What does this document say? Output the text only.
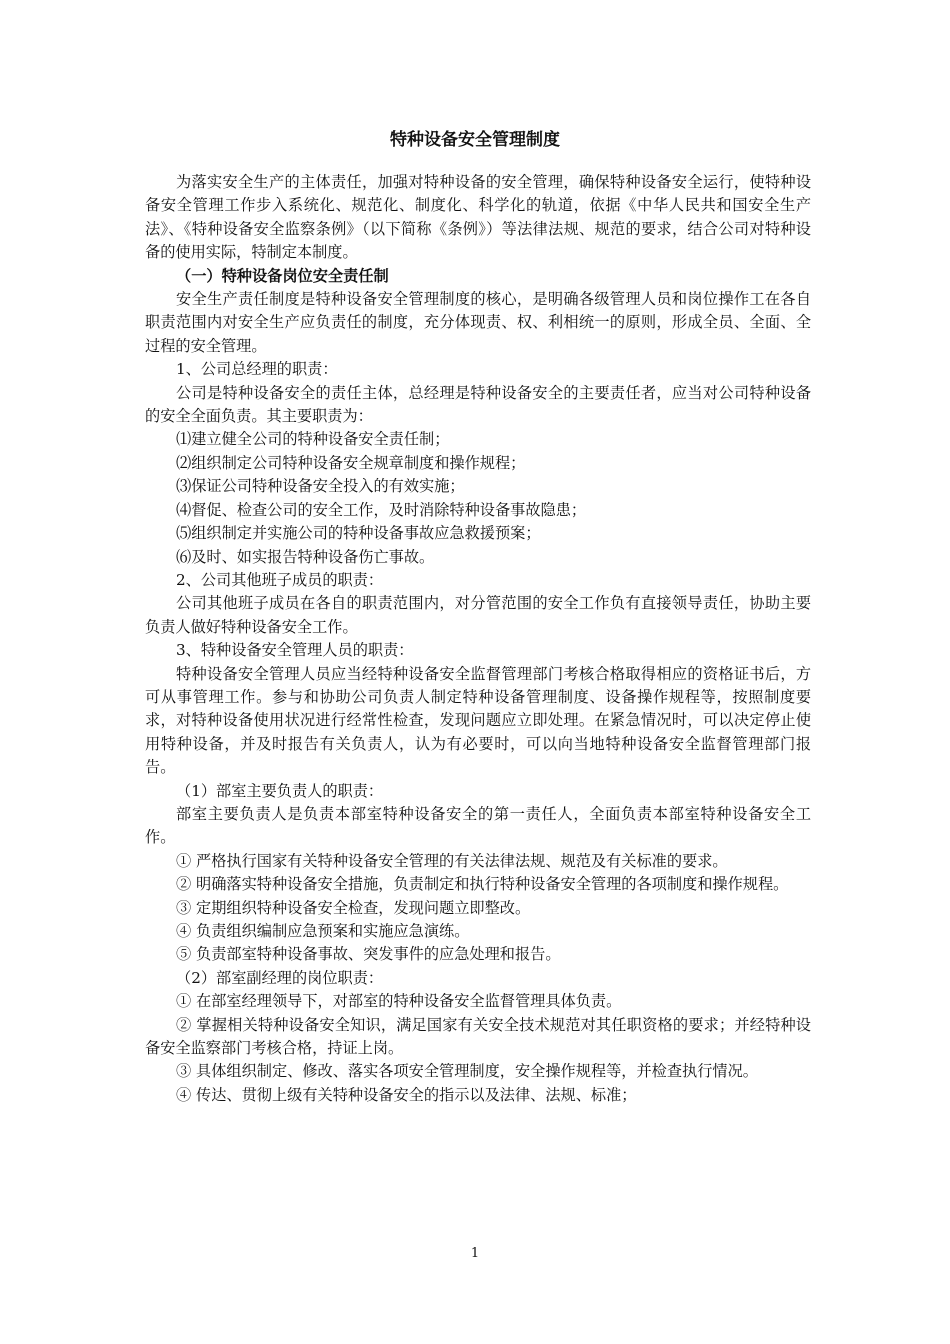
特种设备安全管理制度

为落实安全生产的主体责任，加强对特种设备的安全管理，确保特种设备安全运行，使特种设备安全管理工作步入系统化、规范化、制度化、科学化的轨道，依据《中华人民共和国安全生产法》、《特种设备安全监察条例》（以下简称《条例》）等法律法规、规范的要求，结合公司对特种设备的使用实际，特制定本制度。

（一）特种设备岗位安全责任制

安全生产责任制度是特种设备安全管理制度的核心，是明确各级管理人员和岗位操作工在各自职责范围内对安全生产应负责任的制度，充分体现责、权、利相统一的原则，形成全员、全面、全过程的安全管理。

1、公司总经理的职责：

公司是特种设备安全的责任主体，总经理是特种设备安全的主要责任者，应当对公司特种设备的安全全面负责。其主要职责为：

⑴建立健全公司的特种设备安全责任制；

⑵组织制定公司特种设备安全规章制度和操作规程；

⑶保证公司特种设备安全投入的有效实施；

⑷督促、检查公司的安全工作，及时消除特种设备事故隐患；

⑸组织制定并实施公司的特种设备事故应急救援预案；

⑹及时、如实报告特种设备伤亡事故。

2、公司其他班子成员的职责：

公司其他班子成员在各自的职责范围内，对分管范围的安全工作负有直接领导责任，协助主要负责人做好特种设备安全工作。

3、特种设备安全管理人员的职责：

特种设备安全管理人员应当经特种设备安全监督管理部门考核合格取得相应的资格证书后，方可从事管理工作。参与和协助公司负责人制定特种设备管理制度、设备操作规程等，按照制度要求，对特种设备使用状况进行经常性检查，发现问题应立即处理。在紧急情况时，可以决定停止使用特种设备，并及时报告有关负责人，认为有必要时，可以向当地特种设备安全监督管理部门报告。

（1）部室主要负责人的职责：

部室主要负责人是负责本部室特种设备安全的第一责任人，全面负责本部室特种设备安全工作。

① 严格执行国家有关特种设备安全管理的有关法律法规、规范及有关标准的要求。

② 明确落实特种设备安全措施，负责制定和执行特种设备安全管理的各项制度和操作规程。

③ 定期组织特种设备安全检查，发现问题立即整改。

④ 负责组织编制应急预案和实施应急演练。

⑤ 负责部室特种设备事故、突发事件的应急处理和报告。

（2）部室副经理的岗位职责：

① 在部室经理领导下，对部室的特种设备安全监督管理具体负责。

② 掌握相关特种设备安全知识，满足国家有关安全技术规范对其任职资格的要求；并经特种设备安全监察部门考核合格，持证上岗。

③ 具体组织制定、修改、落实各项安全管理制度，安全操作规程等，并检查执行情况。

④ 传达、贯彻上级有关特种设备安全的指示以及法律、法规、标准；

1
